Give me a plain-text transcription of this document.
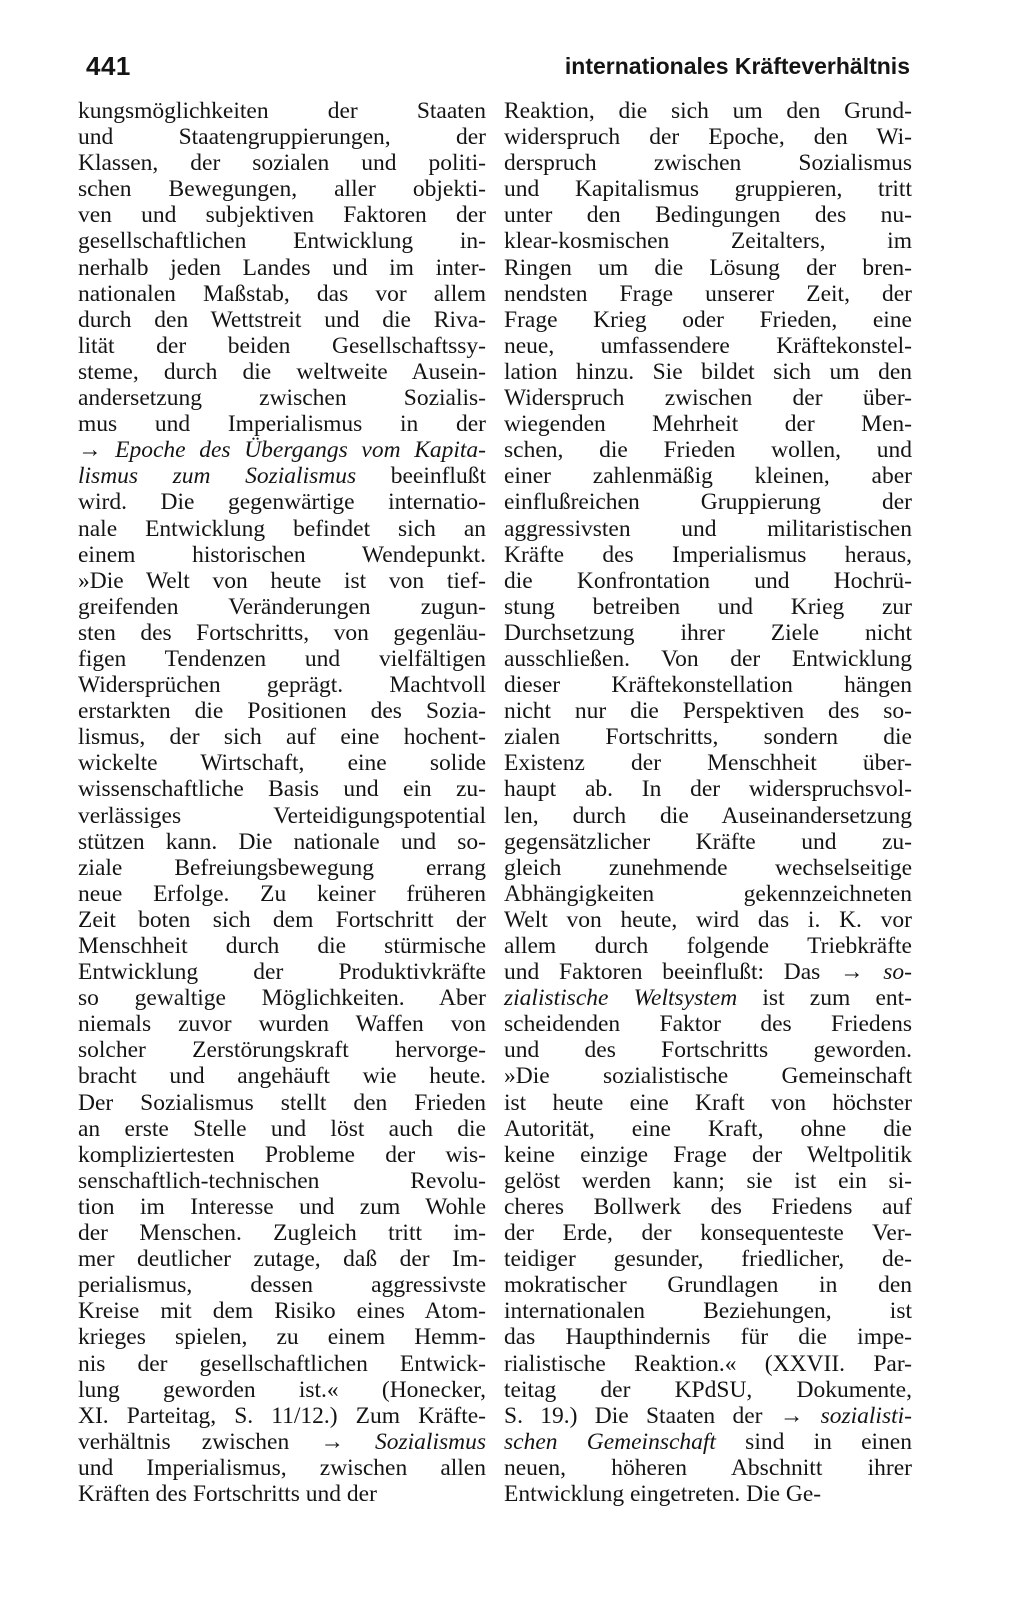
441	internationales Kräfteverhältnis
kungsmöglichkeiten der Staaten
und Staatengruppierungen, der
Klassen, der sozialen und politi-
schen Bewegungen, aller objekti-
ven und subjektiven Faktoren der
gesellschaftlichen Entwicklung in-
nerhalb jeden Landes und im inter-
nationalen Maßstab, das vor allem
durch den Wettstreit und die Riva-
lität der beiden Gesellschaftssy-
steme, durch die weltweite Ausein-
andersetzung zwischen Sozialis-
mus und Imperialismus in der
→ Epoche des Übergangs vom Kapita-
lismus zum Sozialismus beeinflußt
wird. Die gegenwärtige internatio-
nale Entwicklung befindet sich an
einem historischen Wendepunkt.
»Die Welt von heute ist von tief-
greifenden Veränderungen zugun-
sten des Fortschritts, von gegenläu-
figen Tendenzen und vielfältigen
Widersprüchen geprägt. Machtvoll
erstarkten die Positionen des Sozia-
lismus, der sich auf eine hochent-
wickelte Wirtschaft, eine solide
wissenschaftliche Basis und ein zu-
verlässiges Verteidigungspotential
stützen kann. Die nationale und so-
ziale Befreiungsbewegung errang
neue Erfolge. Zu keiner früheren
Zeit boten sich dem Fortschritt der
Menschheit durch die stürmische
Entwicklung der Produktivkräfte
so gewaltige Möglichkeiten. Aber
niemals zuvor wurden Waffen von
solcher Zerstörungskraft hervorge-
bracht und angehäuft wie heute.
Der Sozialismus stellt den Frieden
an erste Stelle und löst auch die
kompliziertesten Probleme der wis-
senschaftlich-technischen Revolu-
tion im Interesse und zum Wohle
der Menschen. Zugleich tritt im-
mer deutlicher zutage, daß der Im-
perialismus, dessen aggressivste
Kreise mit dem Risiko eines Atom-
krieges spielen, zu einem Hemm-
nis der gesellschaftlichen Entwick-
lung geworden ist.« (Honecker,
XI. Parteitag, S. 11/12.) Zum Kräfte-
verhältnis zwischen → Sozialismus
und Imperialismus, zwischen allen
Kräften des Fortschritts und der
Reaktion, die sich um den Grund-
widerspruch der Epoche, den Wi-
derspruch zwischen Sozialismus
und Kapitalismus gruppieren, tritt
unter den Bedingungen des nu-
klear-kosmischen Zeitalters, im
Ringen um die Lösung der bren-
nendsten Frage unserer Zeit, der
Frage Krieg oder Frieden, eine
neue, umfassendere Kräftekonstel-
lation hinzu. Sie bildet sich um den
Widerspruch zwischen der über-
wiegenden Mehrheit der Men-
schen, die Frieden wollen, und
einer zahlenmäßig kleinen, aber
einflußreichen Gruppierung der
aggressivsten und militaristischen
Kräfte des Imperialismus heraus,
die Konfrontation und Hochrü-
stung betreiben und Krieg zur
Durchsetzung ihrer Ziele nicht
ausschließen. Von der Entwicklung
dieser Kräftekonstellation hängen
nicht nur die Perspektiven des so-
zialen Fortschritts, sondern die
Existenz der Menschheit über-
haupt ab. In der widerspruchsvol-
len, durch die Auseinandersetzung
gegensätzlicher Kräfte und zu-
gleich zunehmende wechselseitige
Abhängigkeiten gekennzeichneten
Welt von heute, wird das i. K. vor
allem durch folgende Triebkräfte
und Faktoren beeinflußt: Das → so-
zialistische Weltsystem ist zum ent-
scheidenden Faktor des Friedens
und des Fortschritts geworden.
»Die sozialistische Gemeinschaft
ist heute eine Kraft von höchster
Autorität, eine Kraft, ohne die
keine einzige Frage der Weltpolitik
gelöst werden kann; sie ist ein si-
cheres Bollwerk des Friedens auf
der Erde, der konsequenteste Ver-
teidiger gesunder, friedlicher, de-
mokratischer Grundlagen in den
internationalen Beziehungen, ist
das Haupthindernis für die impe-
rialistische Reaktion.« (XXVII. Par-
teitag der KPdSU, Dokumente,
S. 19.) Die Staaten der → sozialisti-
schen Gemeinschaft sind in einen
neuen, höheren Abschnitt ihrer
Entwicklung eingetreten. Die Ge-
